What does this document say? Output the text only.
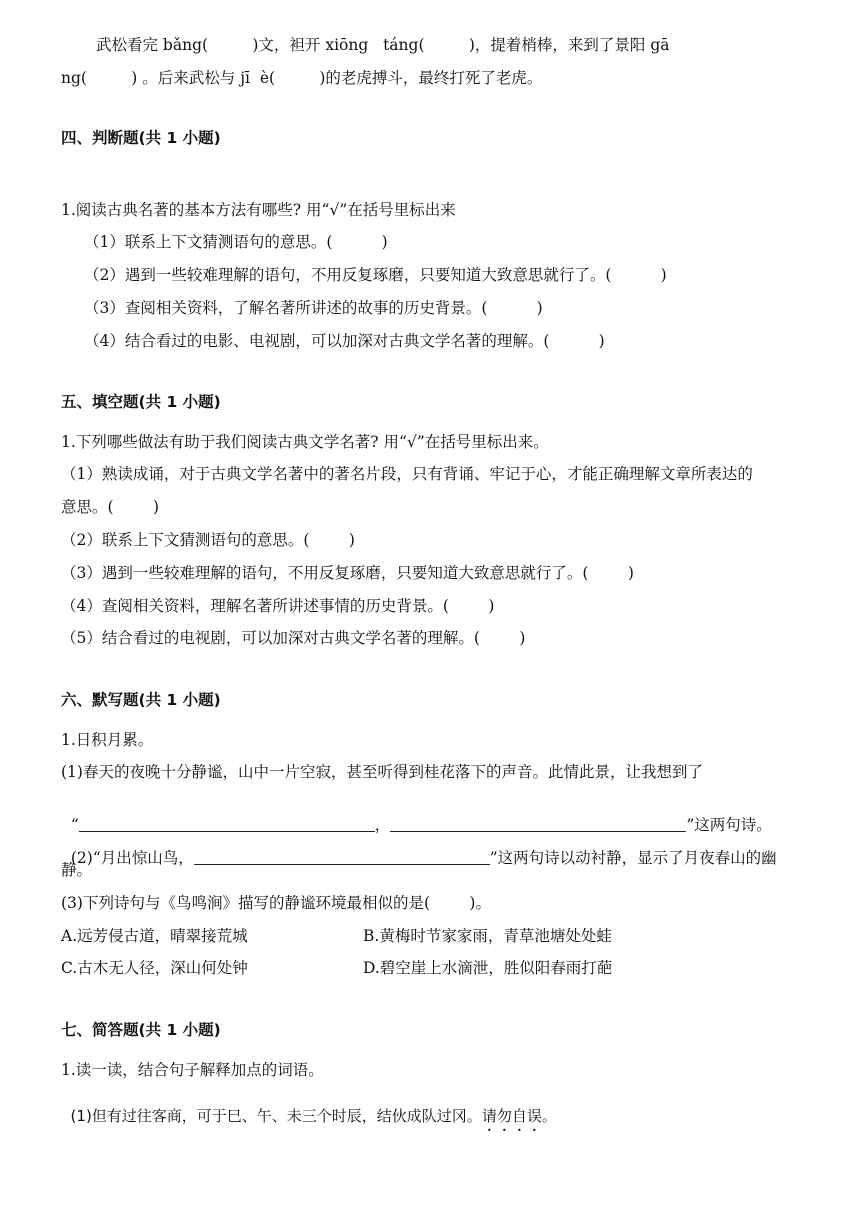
武松看完 bǎng(         )文，袒开 xiōng   táng(         )，提着梢棒，来到了景阳 gā
ng(         ) 。后来武松与 jī  è(         )的老虎搏斗，最终打死了老虎。
四、判断题(共 1 小题)
1.阅读古典名著的基本方法有哪些? 用“√”在括号里标出来
（1）联系上下文猜测语句的意思。(          )
（2）遇到一些较难理解的语句，不用反复琢磨，只要知道大致意思就行了。(          )
（3）查阅相关资料，了解名著所讲述的故事的历史背景。(          )
（4）结合看过的电影、电视剧，可以加深对古典文学名著的理解。(          )
五、填空题(共 1 小题)
1.下列哪些做法有助于我们阅读古典文学名著? 用“√”在括号里标出来。
（1）熟读成诵，对于古典文学名著中的著名片段，只有背诵、牢记于心，才能正确理解文章所表达的
意思。(        )
（2）联系上下文猜测语句的意思。(        )
（3）遇到一些较难理解的语句，不用反复琢磨，只要知道大致意思就行了。(        )
（4）查阅相关资料，理解名著所讲述事情的历史背景。(        )
（5）结合看过的电视剧，可以加深对古典文学名著的理解。(        )
六、默写题(共 1 小题)
1.日积月累。
(1)春天的夜晚十分静谧，山中一片空寂，甚至听得到桂花落下的声音。此情此景，让我想到了

“	，	”这两句诗。

(2)“月出惊山鸟，	”这两句诗以动衬静，显示了月夜春山的幽

静。
(3)下列诗句与《鸟鸣涧》描写的静谧环境最相似的是(        )。
A.远芳侵古道，晴翠接荒城	B.黄梅时节家家雨，青草池塘处处蛙
C.古木无人径，深山何处钟	D.碧空崖上水滴泄，胜似阳春雨打葩
七、简答题(共 1 小题)
1.读一读，结合句子解释加点的词语。

(1)但有过往客商，可于巳、午、未三个时辰，结伙成队过冈。请勿自误。
